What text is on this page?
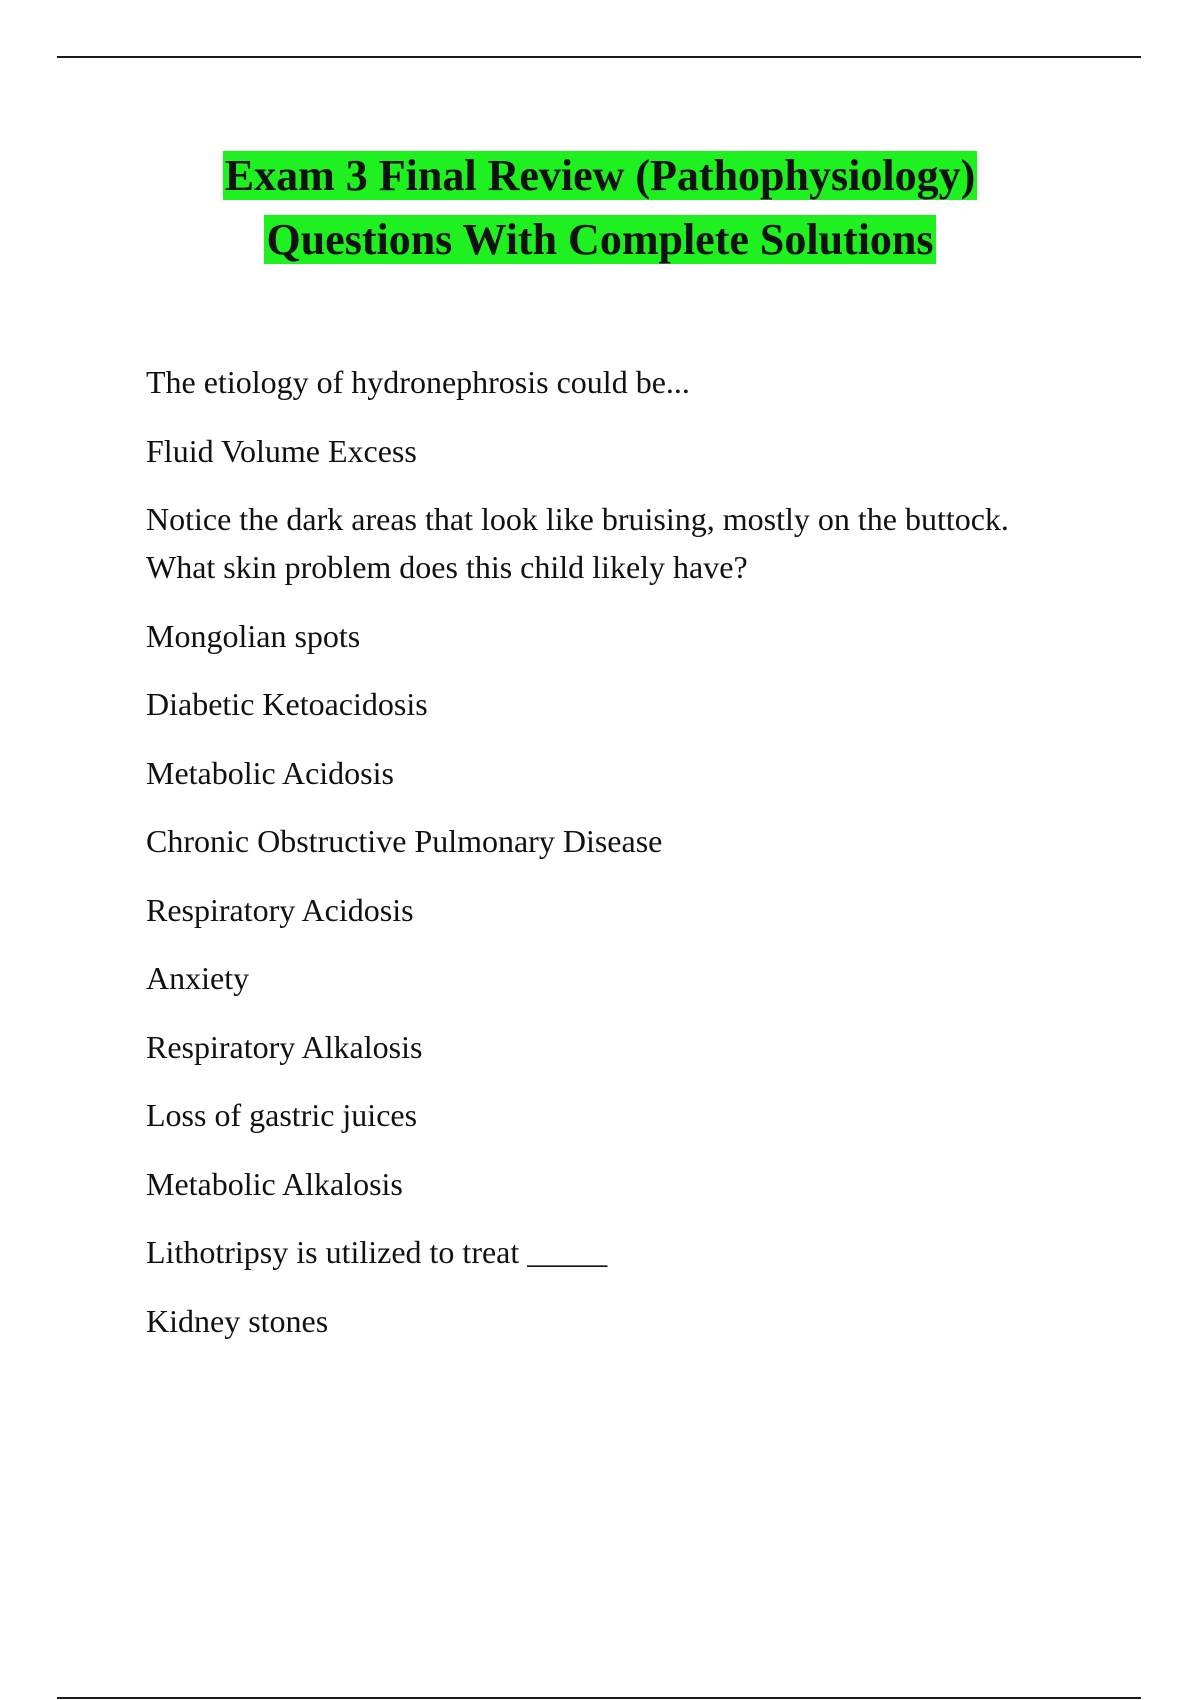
Exam 3 Final Review (Pathophysiology)
Questions With Complete Solutions
The etiology of hydronephrosis could be...
Fluid Volume Excess
Notice the dark areas that look like bruising, mostly on the buttock. What skin problem does this child likely have?
Mongolian spots
Diabetic Ketoacidosis
Metabolic Acidosis
Chronic Obstructive Pulmonary Disease
Respiratory Acidosis
Anxiety
Respiratory Alkalosis
Loss of gastric juices
Metabolic Alkalosis
Lithotripsy is utilized to treat _____
Kidney stones
